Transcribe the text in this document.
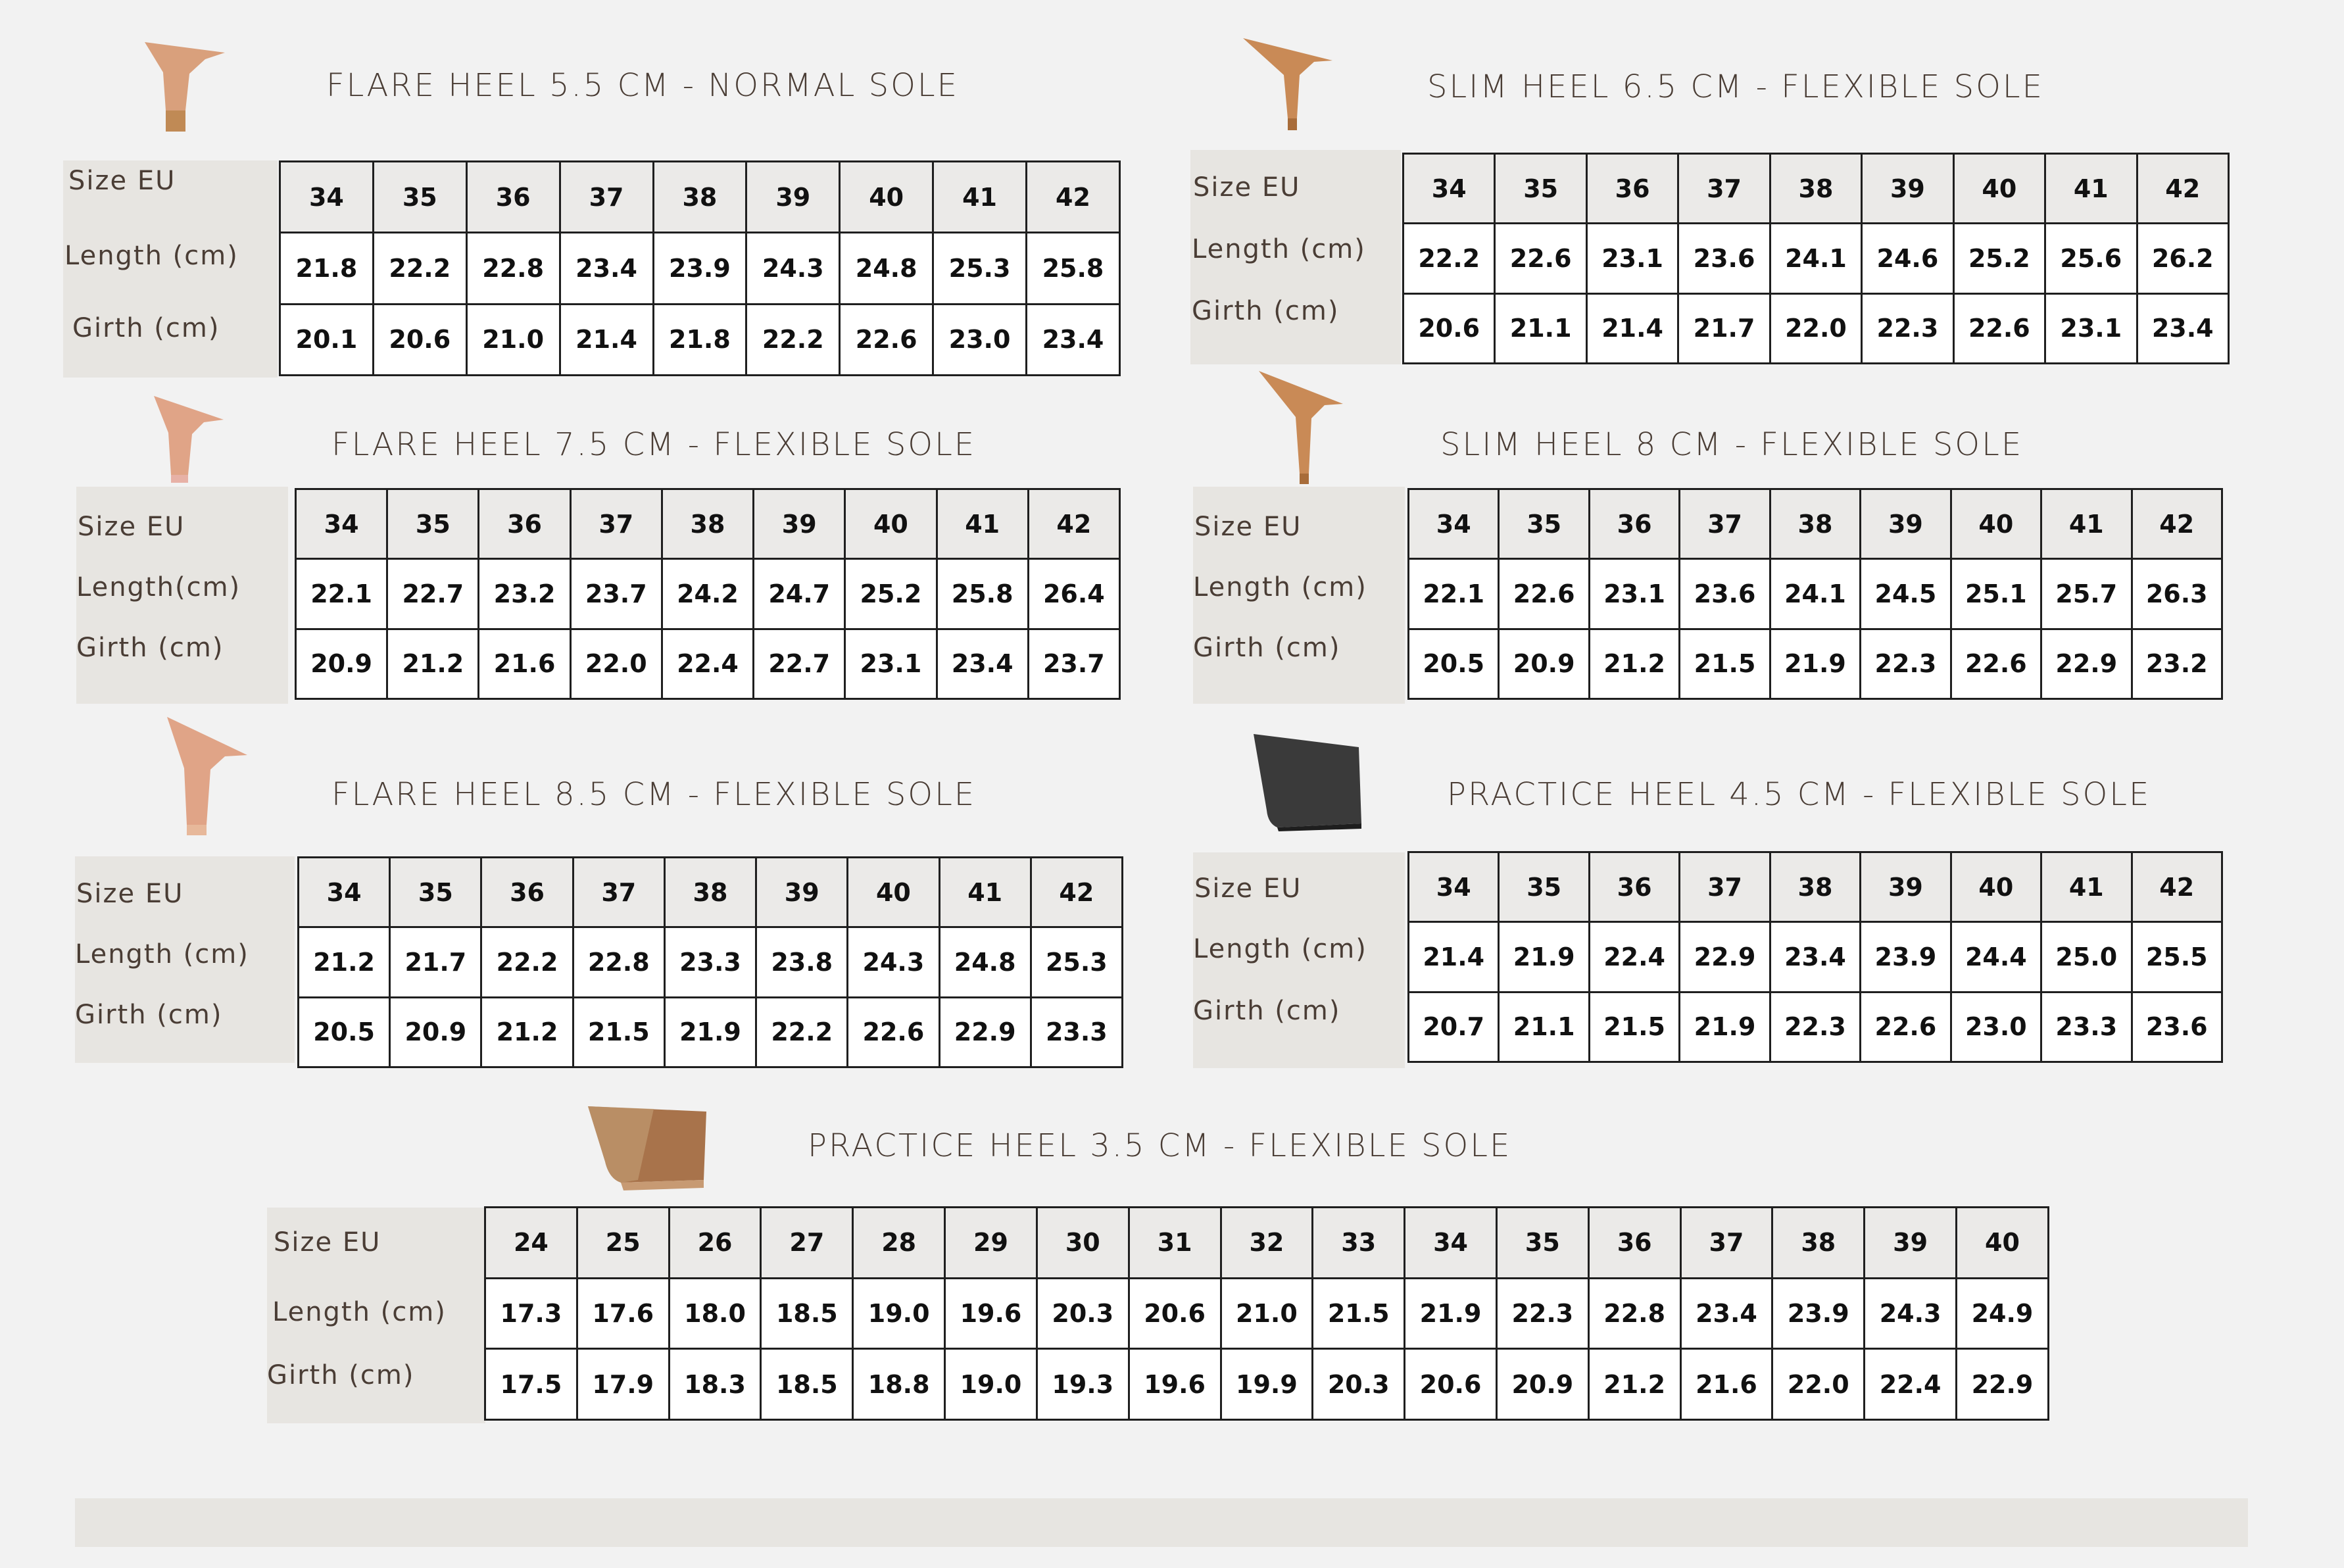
FLARE HEEL 5.5 CM - NORMAL SOLE
Size EU
Length (cm)
Girth (cm)
34	35	36	37	38	39	40	41	42
21.8	22.2	22.8	23.4	23.9	24.3	24.8	25.3	25.8
20.1	20.6	21.0	21.4	21.8	22.2	22.6	23.0	23.4
SLIM HEEL 6.5 CM - FLEXIBLE SOLE
Size EU
Length (cm)
Girth (cm)
34	35	36	37	38	39	40	41	42
22.2	22.6	23.1	23.6	24.1	24.6	25.2	25.6	26.2
20.6	21.1	21.4	21.7	22.0	22.3	22.6	23.1	23.4
FLARE HEEL 7.5 CM - FLEXIBLE SOLE
Size EU
Length(cm)
Girth (cm)
34	35	36	37	38	39	40	41	42
22.1	22.7	23.2	23.7	24.2	24.7	25.2	25.8	26.4
20.9	21.2	21.6	22.0	22.4	22.7	23.1	23.4	23.7
SLIM HEEL 8 CM - FLEXIBLE SOLE
Size EU
Length (cm)
Girth (cm)
34	35	36	37	38	39	40	41	42
22.1	22.6	23.1	23.6	24.1	24.5	25.1	25.7	26.3
20.5	20.9	21.2	21.5	21.9	22.3	22.6	22.9	23.2
FLARE HEEL 8.5 CM - FLEXIBLE SOLE
Size EU
Length (cm)
Girth (cm)
34	35	36	37	38	39	40	41	42
21.2	21.7	22.2	22.8	23.3	23.8	24.3	24.8	25.3
20.5	20.9	21.2	21.5	21.9	22.2	22.6	22.9	23.3
PRACTICE HEEL 4.5 CM - FLEXIBLE SOLE
Size EU
Length (cm)
Girth (cm)
34	35	36	37	38	39	40	41	42
21.4	21.9	22.4	22.9	23.4	23.9	24.4	25.0	25.5
20.7	21.1	21.5	21.9	22.3	22.6	23.0	23.3	23.6
PRACTICE HEEL 3.5 CM - FLEXIBLE SOLE
Size EU
Length (cm)
Girth (cm)
24	25	26	27	28	29	30	31	32	33	34	35	36	37	38	39	40
17.3	17.6	18.0	18.5	19.0	19.6	20.3	20.6	21.0	21.5	21.9	22.3	22.8	23.4	23.9	24.3	24.9
17.5	17.9	18.3	18.5	18.8	19.0	19.3	19.6	19.9	20.3	20.6	20.9	21.2	21.6	22.0	22.4	22.9
